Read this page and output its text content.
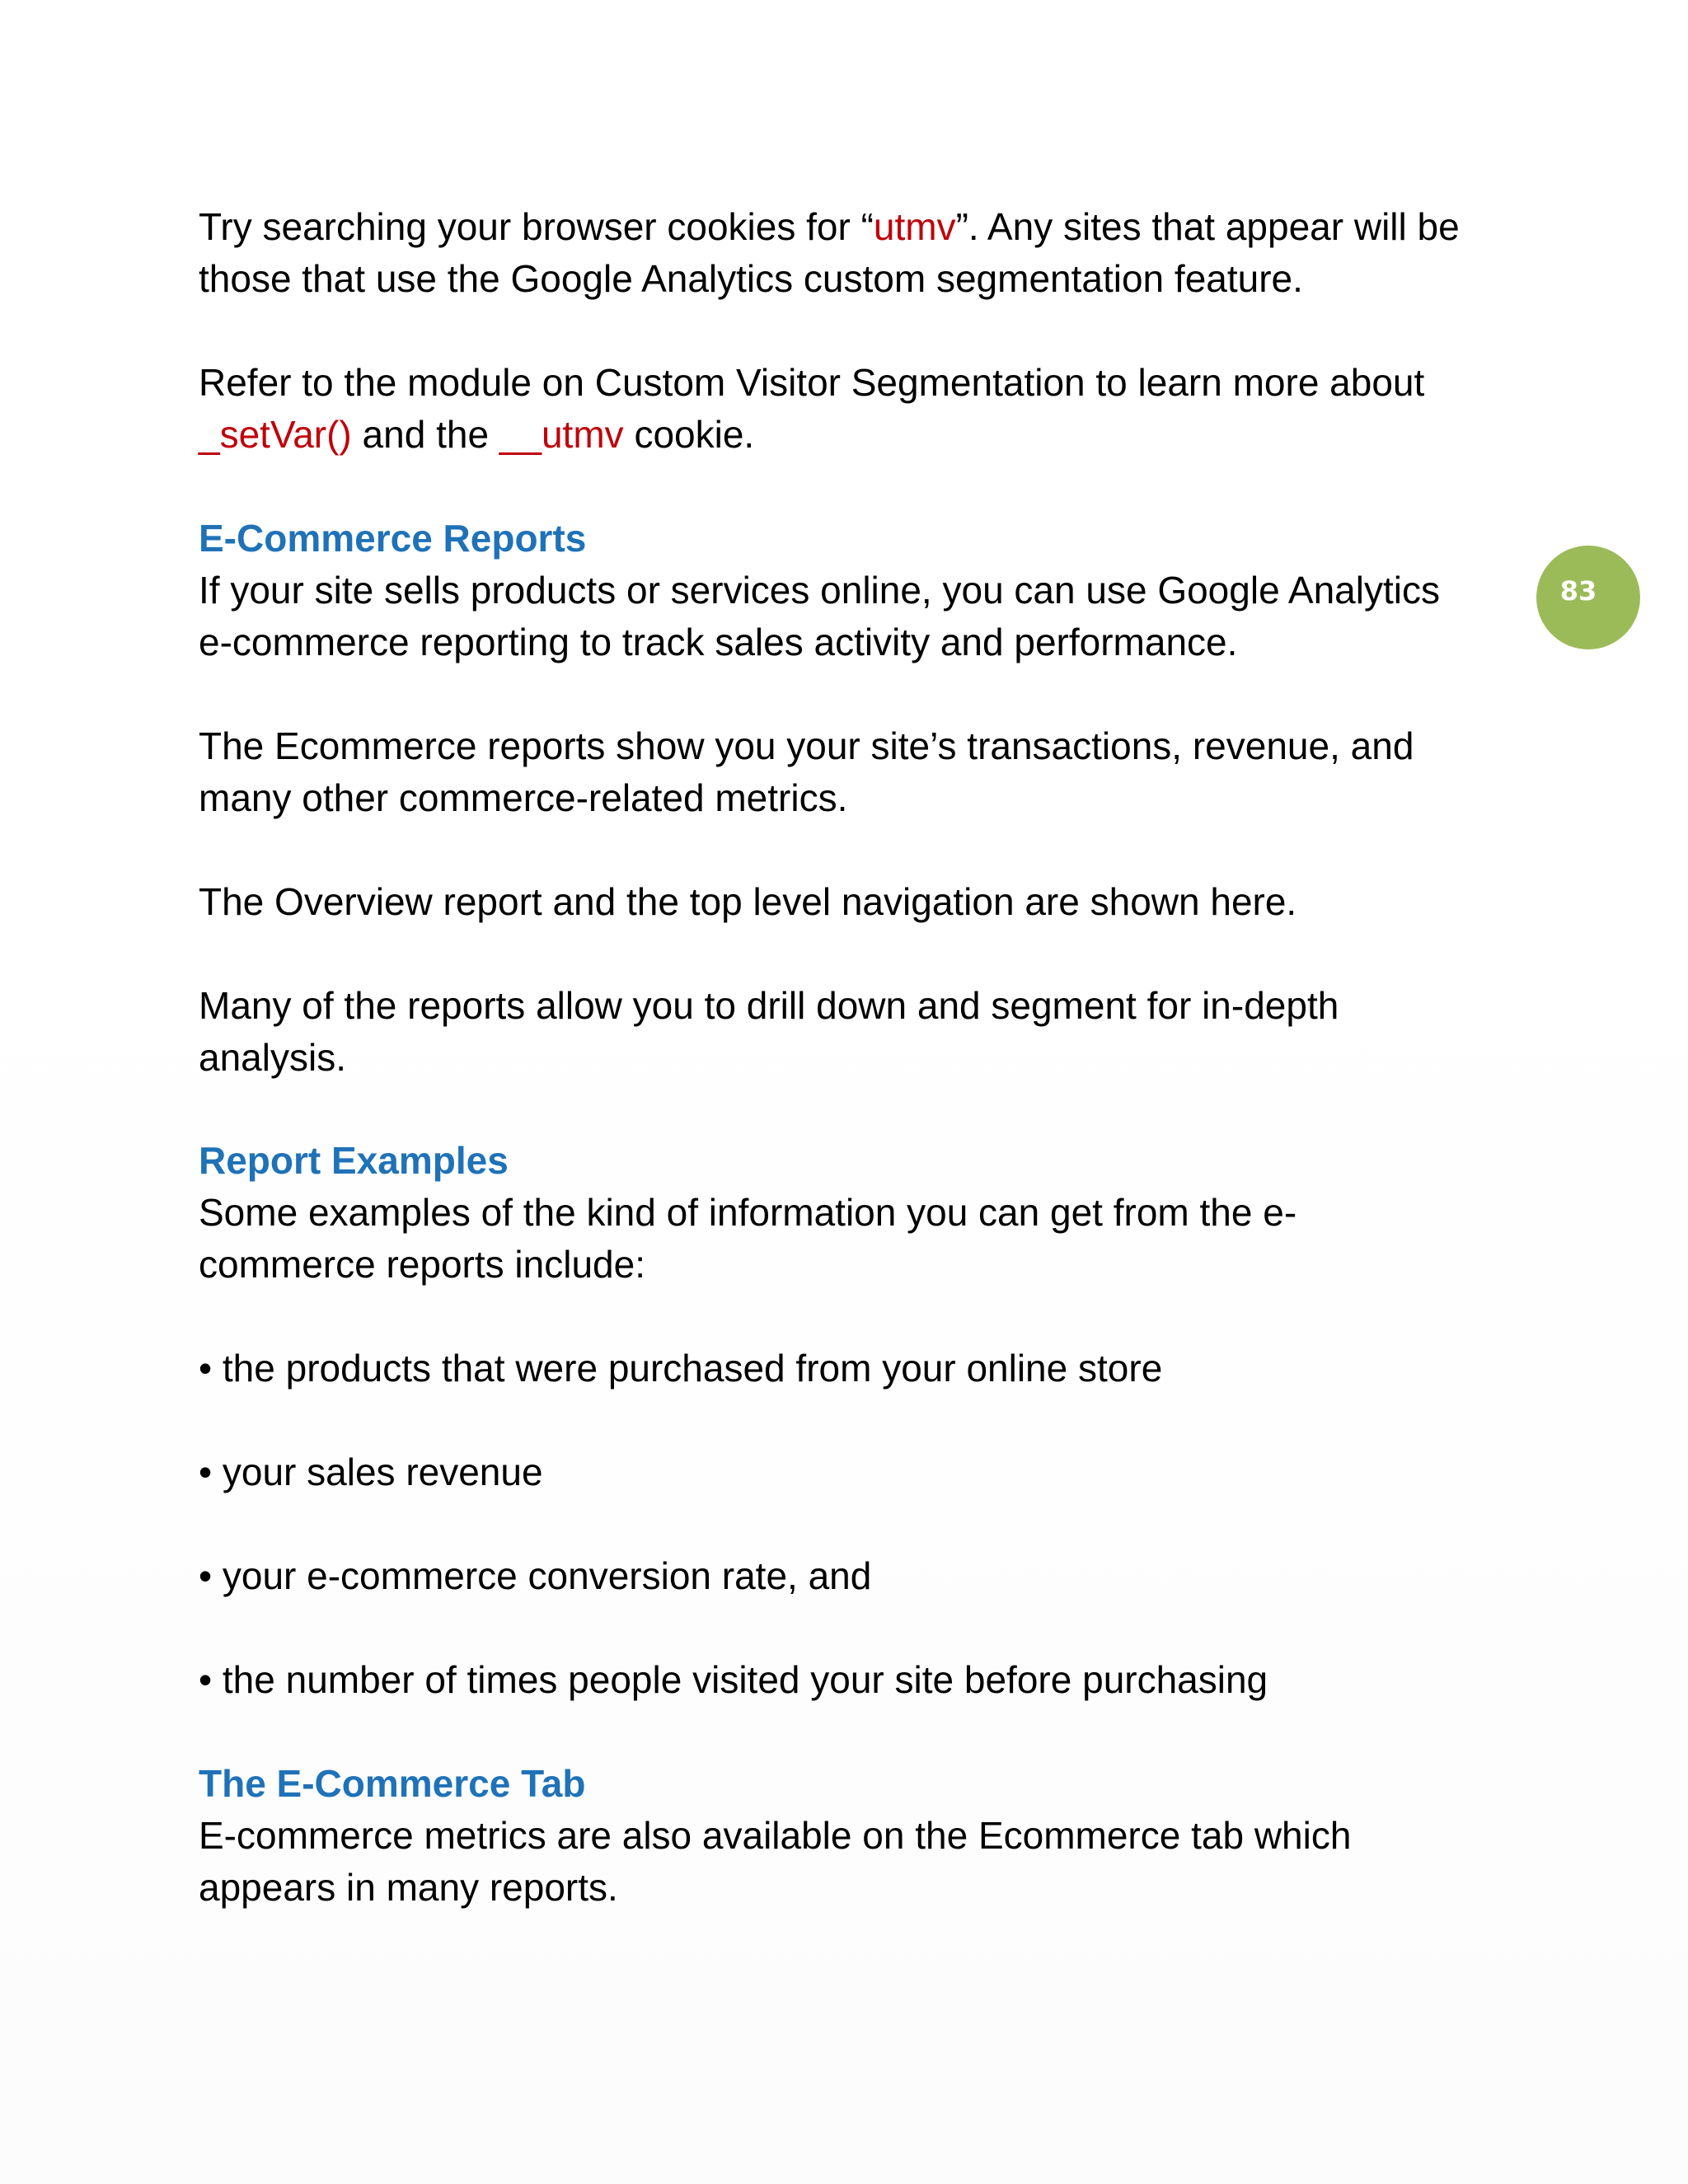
Try searching your browser cookies for “utmv”. Any sites that appear will be

those that use the Google Analytics custom segmentation feature.

Refer to the module on Custom Visitor Segmentation to learn more about

_setVar() and the __utmv cookie.

E-Commerce Reports

If your site sells products or services online, you can use Google Analytics

e-commerce reporting to track sales activity and performance.

The Ecommerce reports show you your site’s transactions, revenue, and

many other commerce-related metrics.

The Overview report and the top level navigation are shown here.

Many of the reports allow you to drill down and segment for in-depth

analysis.

Report Examples

Some examples of the kind of information you can get from the e-

commerce reports include:

• the products that were purchased from your online store

• your sales revenue

• your e-commerce conversion rate, and

• the number of times people visited your site before purchasing

The E-Commerce Tab

E-commerce metrics are also available on the Ecommerce tab which

appears in many reports.

83
